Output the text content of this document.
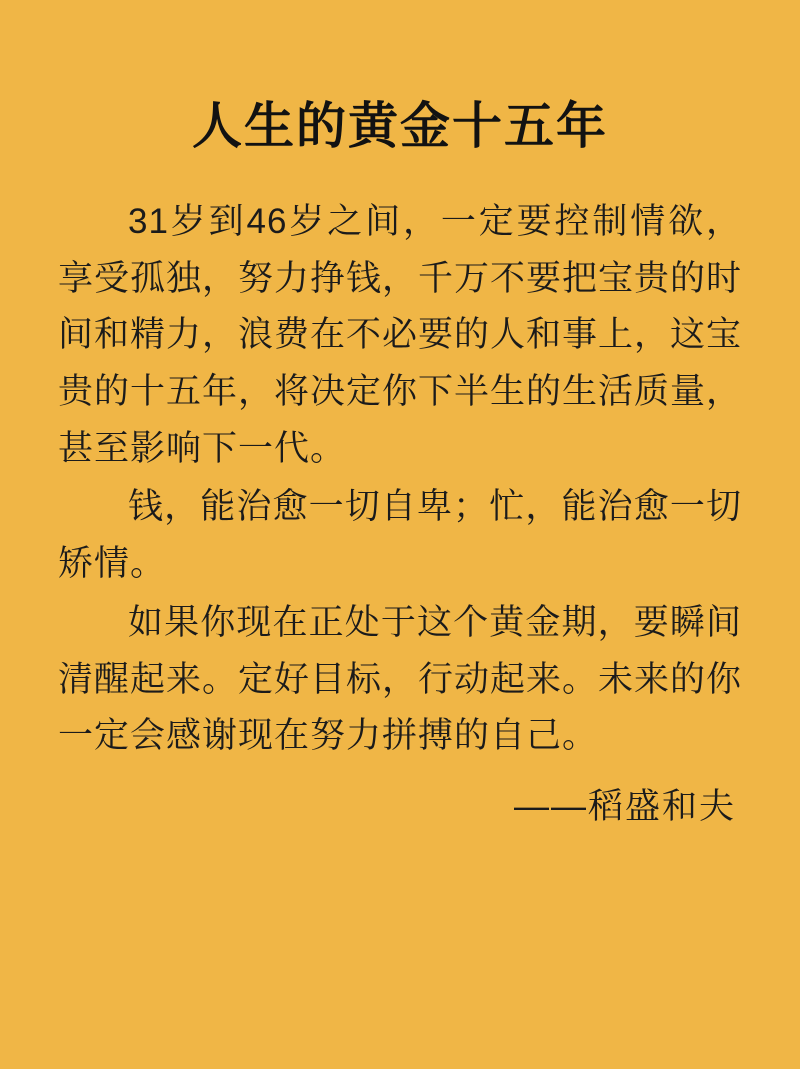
人生的黄金十五年

31岁到46岁之间，一定要控制情欲，享受孤独，努力挣钱，千万不要把宝贵的时间和精力，浪费在不必要的人和事上，这宝贵的十五年，将决定你下半生的生活质量，甚至影响下一代。

钱，能治愈一切自卑；忙，能治愈一切矫情。

如果你现在正处于这个黄金期，要瞬间清醒起来。定好目标，行动起来。未来的你一定会感谢现在努力拼搏的自己。

——稻盛和夫
